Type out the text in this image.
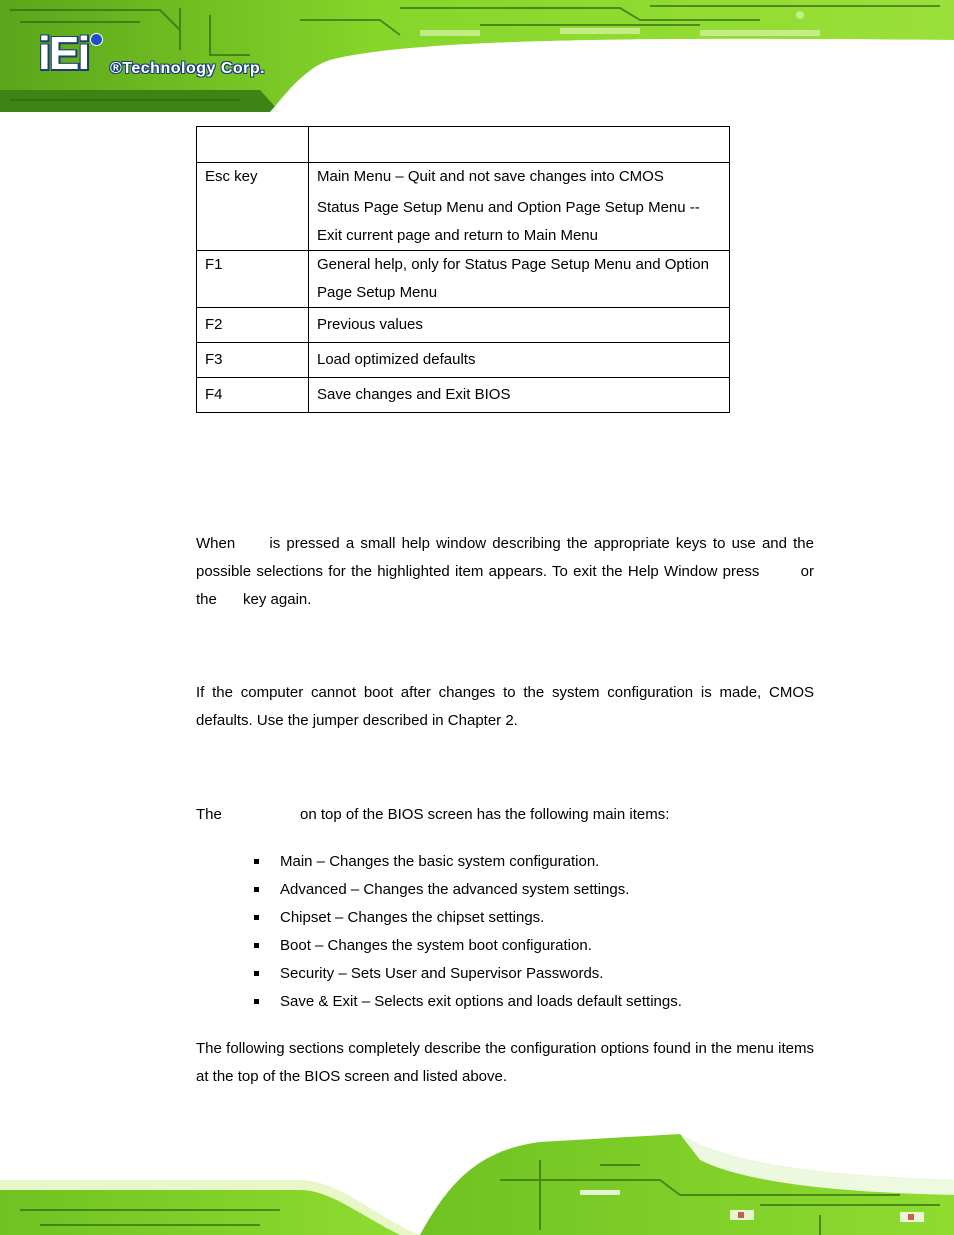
iEi ®Technology Corp.

Esc key	Main Menu – Quit and not save changes into CMOS
Status Page Setup Menu and Option Page Setup Menu --
Exit current page and return to Main Menu

F1	General help, only for Status Page Setup Menu and Option
Page Setup Menu

F2	Previous values
F3	Load optimized defaults
F4	Save changes and Exit BIOS
When is pressed a small help window describing the appropriate keys to use and the possible selections for the highlighted item appears. To exit the Help Window press	or the key again.
If the computer cannot boot after changes to the system configuration is made, CMOS defaults. Use the jumper described in Chapter 2.
The	on top of the BIOS screen has the following main items:
Main – Changes the basic system configuration.
Advanced – Changes the advanced system settings.
Chipset – Changes the chipset settings.
Boot – Changes the system boot configuration.
Security – Sets User and Supervisor Passwords.
Save & Exit – Selects exit options and loads default settings.
The following sections completely describe the configuration options found in the menu items at the top of the BIOS screen and listed above.
